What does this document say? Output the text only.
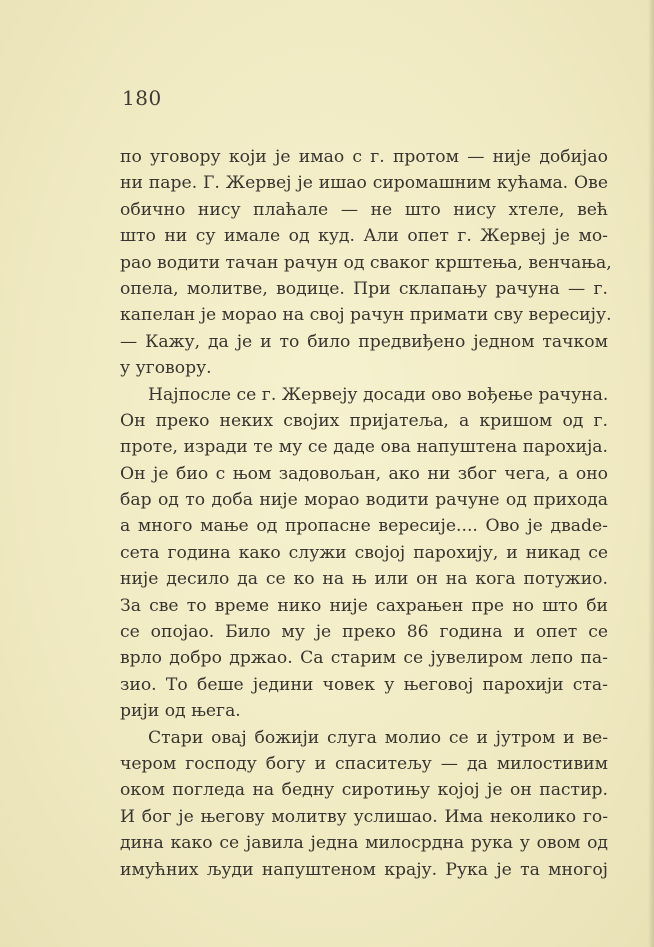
180
по уговору који је имао с г. протом — није добијао
ни паре. Г. Жервеј је ишао сиромашним кућама. Ове
обично нису плаћале — не што нису хтеле, већ
што ни су имале од куд. Али опет г. Жервеј је мо-
рао водити тачан рачун од сваког крштења, венчања,
опела, молитве, водице. При склапању рачуна — г.
капелан је морао на свој рачун примати сву вересију.
— Кажу, да је и то било предвиђено једном тачком
у уговору.
Најпосле се г. Жервеју досади ово вођење рачуна.
Он преко неких својих пријатеља, а кришом од г.
проте, изради те му се даде ова напуштена парохија.
Он је био с њом задовољан, ако ни због чега, а оно
бар од то доба није морао водити рачуне од прихода
а много мање од пропасне вересије.... Ово је двade-
сета година како служи својој парохију, и никад се
није десило да се ко на њ или он на кога потужио.
За све то време нико није сахрањен пре но што би
се опојао. Било му је преко 86 година и опет се
врло добро држао. Са старим се јувелиром лепо па-
зио. То беше једини човек у његовој парохији ста-
рији од њега.
Стари овај божији слуга молио се и јутром и ве-
чером господу богу и спаситељу — да милостивим
оком погледа на бедну сиротињу којој је он пастир.
И бог је његову молитву услишао. Има неколико го-
дина како се јавила једна милосрдна рука у овом од
имућних људи напуштеном крају. Рука је та многој
